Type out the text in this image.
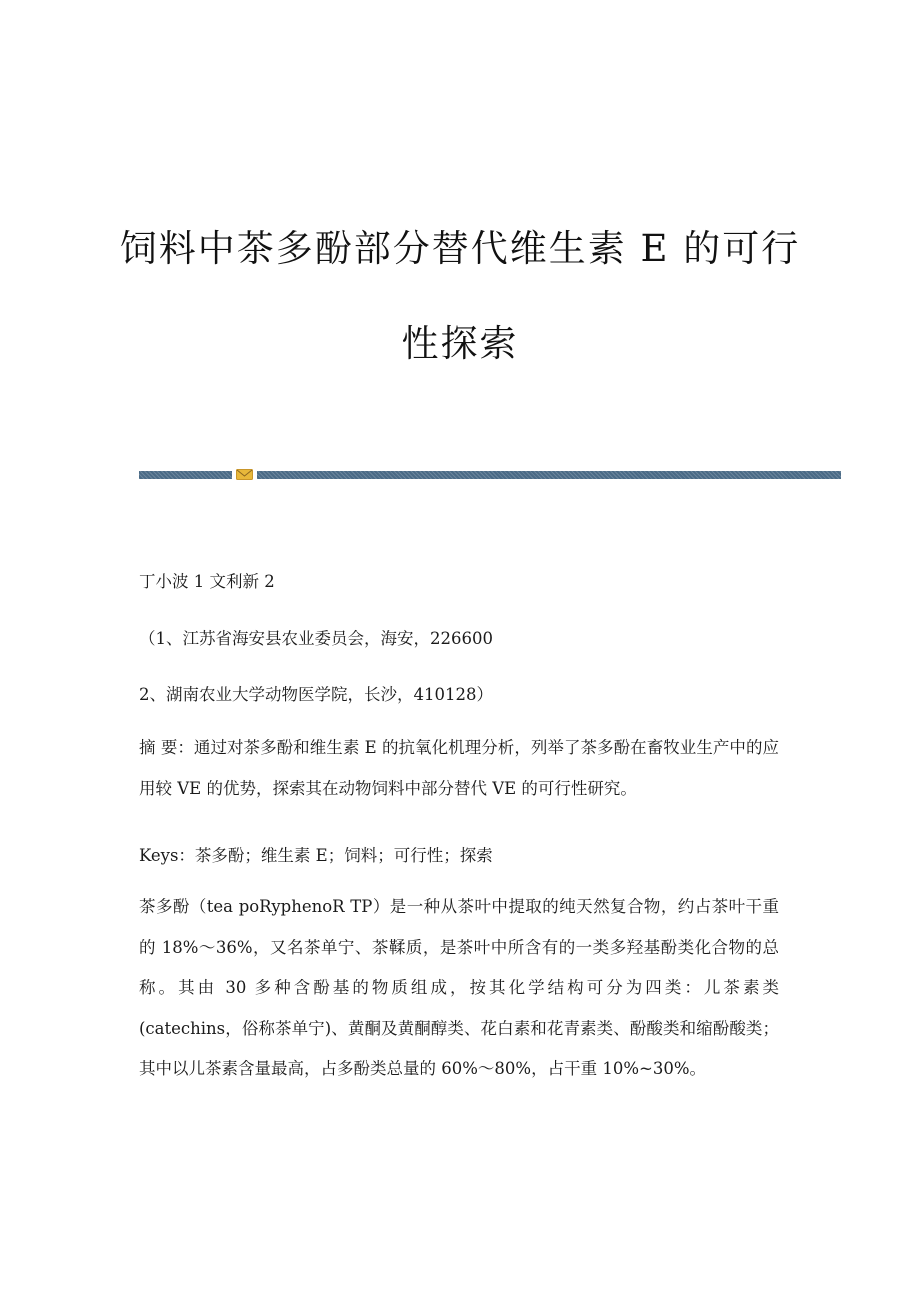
饲料中茶多酚部分替代维生素 E 的可行
性探索
丁小波 1 文利新 2
（1、江苏省海安县农业委员会，海安，226600
2、湖南农业大学动物医学院，长沙，410128）
摘 要：通过对茶多酚和维生素 E 的抗氧化机理分析，列举了茶多酚在畜牧业生产中的应用较 VE 的优势，探索其在动物饲料中部分替代 VE 的可行性研究。
Keys：茶多酚；维生素 E；饲料；可行性；探索
茶多酚（tea poRyphenoR TP）是一种从茶叶中提取的纯天然复合物，约占茶叶干重的 18%～36%，又名茶单宁、茶鞣质，是茶叶中所含有的一类多羟基酚类化合物的总称。其由 30 多种含酚基的物质组成，按其化学结构可分为四类：儿茶素类(catechins，俗称茶单宁)、黄酮及黄酮醇类、花白素和花青素类、酚酸类和缩酚酸类；其中以儿茶素含量最高，占多酚类总量的 60%～80%，占干重 10%~30%。
